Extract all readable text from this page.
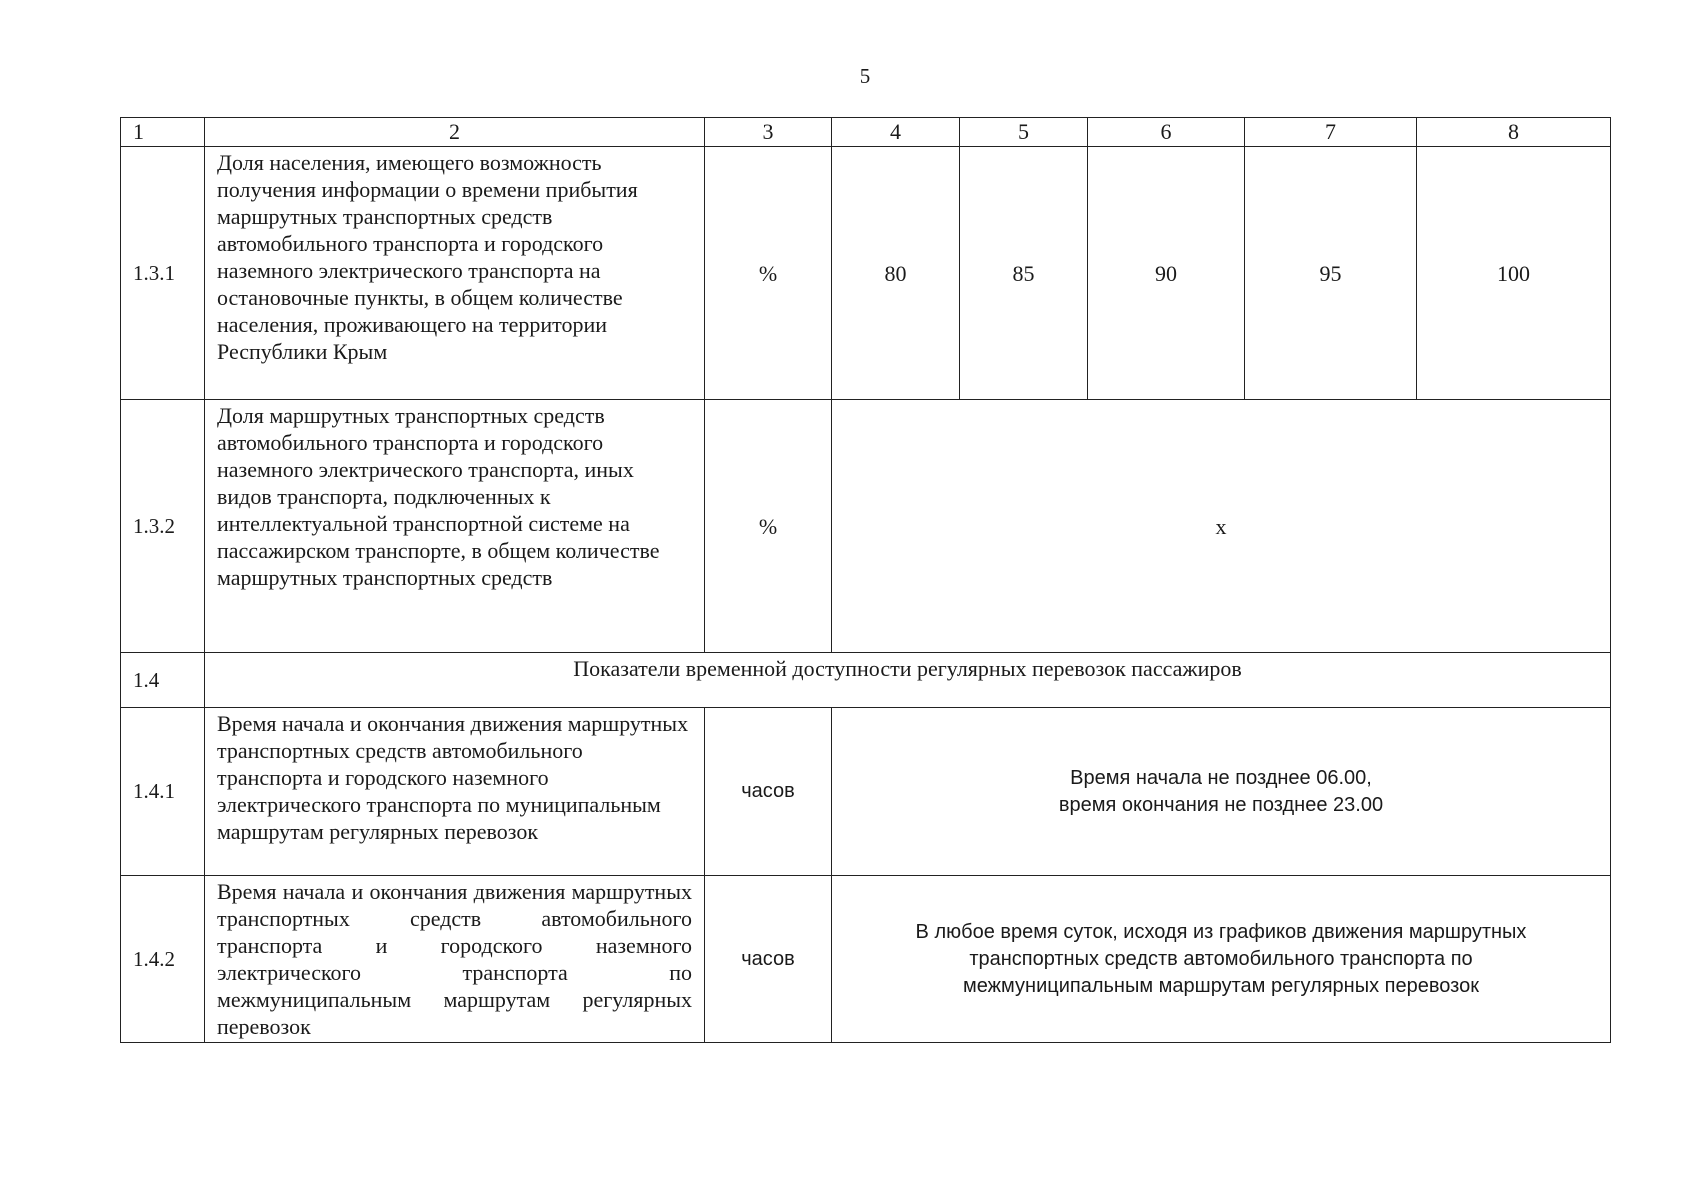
5
1	2	3	4	5	6	7	8
1.3.1	Доля населения, имеющего возможность получения информации о времени прибытия маршрутных транспортных средств автомобильного транспорта и городского наземного электрического транспорта на остановочные пункты, в общем количестве населения, проживающего на территории Республики Крым	%	80	85	90	95	100
1.3.2	Доля маршрутных транспортных средств автомобильного транспорта и городского наземного электрического транспорта, иных видов транспорта, подключенных к интеллектуальной транспортной системе на пассажирском транспорте, в общем количестве маршрутных транспортных средств	%	х				
1.4	Показатели временной доступности регулярных перевозок пассажиров						
1.4.1	Время начала и окончания движения маршрутных транспортных средств автомобильного транспорта и городского наземного электрического транспорта по муниципальным маршрутам регулярных перевозок	часов	Время начала не позднее 06.00,
время окончания не позднее 23.00				
1.4.2	Время начала и окончания движения маршрутных транспортных средств автомобильного транспорта и городского наземного электрического транспорта по межмуниципальным маршрутам регулярных перевозок	часов	В любое время суток, исходя из графиков движения маршрутных
транспортных средств автомобильного транспорта по
межмуниципальным маршрутам регулярных перевозок				
